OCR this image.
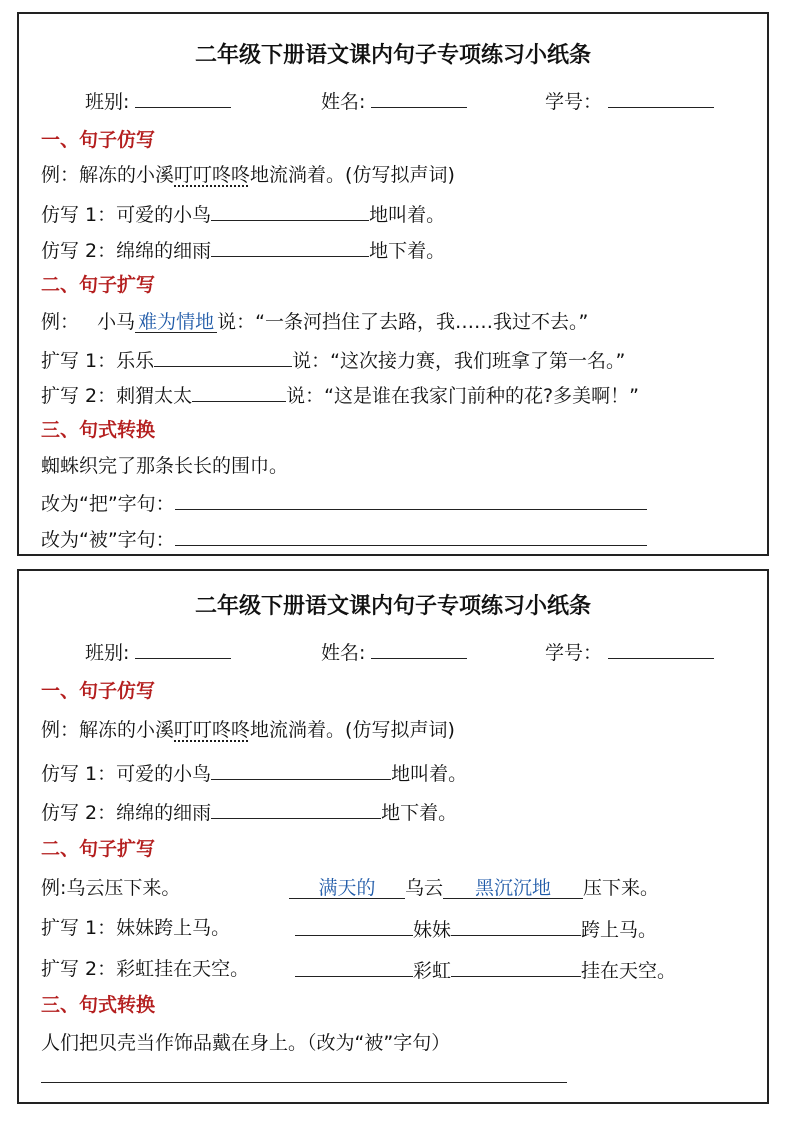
二年级下册语文课内句子专项练习小纸条
班别:	姓名:	学号：
一、句子仿写
例：解冻的小溪叮叮咚咚地流淌着。(仿写拟声词)
仿写 1：可爱的小鸟	地叫着。
仿写 2：绵绵的细雨	地下着。
二、句子扩写
例： 小马 难为情地 说：“一条河挡住了去路，我……我过不去。”
扩写 1：乐乐	说：“这次接力赛，我们班拿了第一名。”
扩写 2：刺猬太太	说：“这是谁在我家门前种的花?多美啊！”
三、句式转换
蜘蛛织完了那条长长的围巾。
改为“把”字句：
改为“被”字句：
二年级下册语文课内句子专项练习小纸条
班别:	姓名:	学号：
一、句子仿写
例：解冻的小溪叮叮咚咚地流淌着。(仿写拟声词)
仿写 1：可爱的小鸟	地叫着。
仿写 2：绵绵的细雨	地下着。
二、句子扩写
例:乌云压下来。	满天的 乌云 黑沉沉地 压下来。
扩写 1：妹妹跨上马。	妹妹	跨上马。
扩写 2：彩虹挂在天空。	彩虹	挂在天空。
三、句式转换
人们把贝壳当作饰品戴在身上。（改为“被”字句）
